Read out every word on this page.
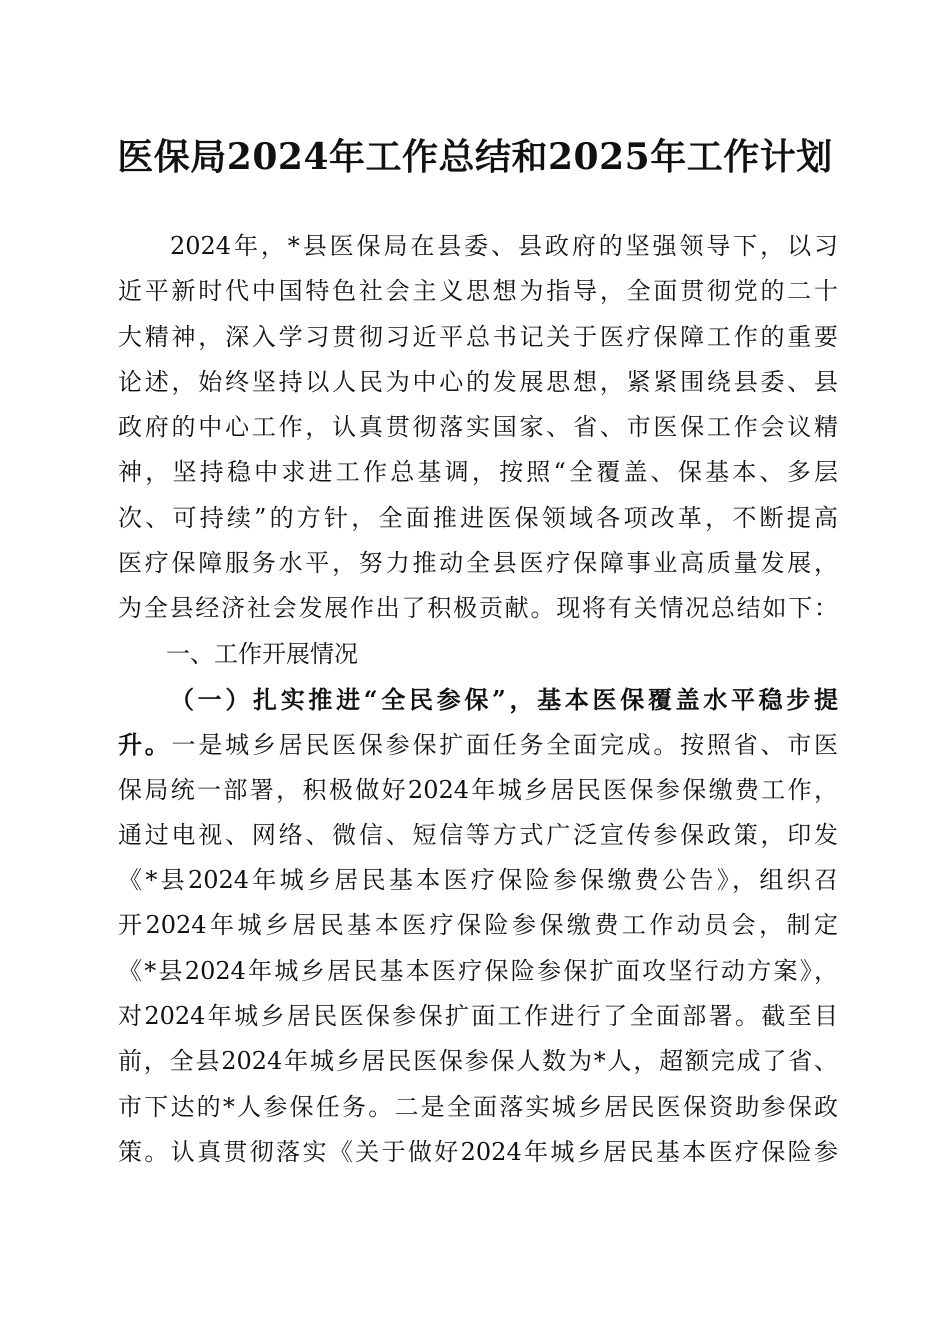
医保局2024年工作总结和2025年工作计划
2024年，*县医保局在县委、县政府的坚强领导下，以习
近平新时代中国特色社会主义思想为指导，全面贯彻党的二十
大精神，深入学习贯彻习近平总书记关于医疗保障工作的重要
论述，始终坚持以人民为中心的发展思想，紧紧围绕县委、县
政府的中心工作，认真贯彻落实国家、省、市医保工作会议精
神，坚持稳中求进工作总基调，按照“全覆盖、保基本、多层
次、可持续”的方针，全面推进医保领域各项改革，不断提高
医疗保障服务水平，努力推动全县医疗保障事业高质量发展，
为全县经济社会发展作出了积极贡献。现将有关情况总结如下：
一、工作开展情况
（一）扎实推进“全民参保”，基本医保覆盖水平稳步提
升。一是城乡居民医保参保扩面任务全面完成。按照省、市医
保局统一部署，积极做好2024年城乡居民医保参保缴费工作，
通过电视、网络、微信、短信等方式广泛宣传参保政策，印发
《*县2024年城乡居民基本医疗保险参保缴费公告》，组织召
开2024年城乡居民基本医疗保险参保缴费工作动员会，制定
《*县2024年城乡居民基本医疗保险参保扩面攻坚行动方案》，
对2024年城乡居民医保参保扩面工作进行了全面部署。截至目
前，全县2024年城乡居民医保参保人数为*人，超额完成了省、
市下达的*人参保任务。二是全面落实城乡居民医保资助参保政
策。认真贯彻落实《关于做好2024年城乡居民基本医疗保险参
